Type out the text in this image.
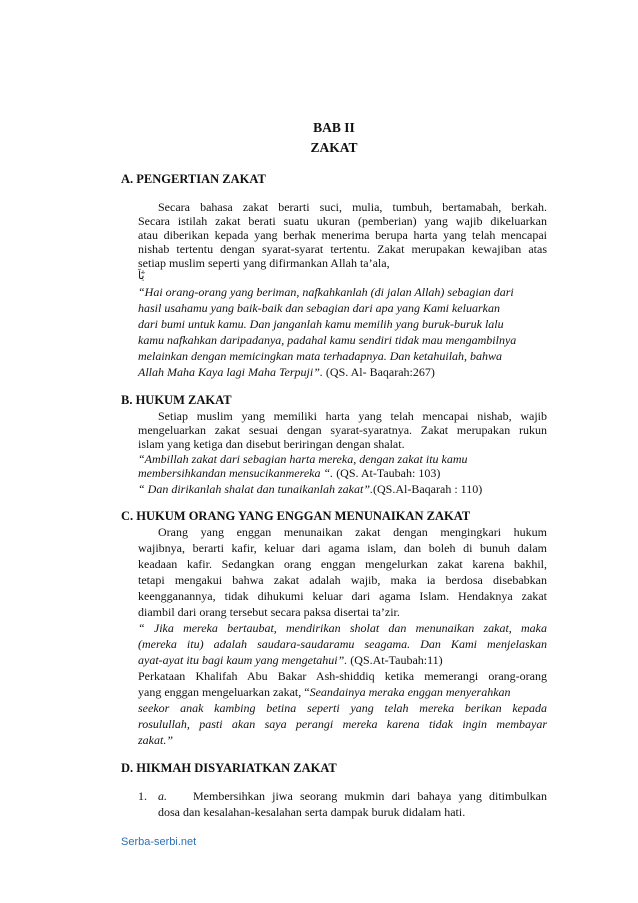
BAB II
ZAKAT
A. PENGERTIAN ZAKAT
Secara bahasa zakat berarti suci, mulia, tumbuh, bertamabah, berkah.
Secara istilah zakat berati suatu ukuran (pemberian) yang wajib dikeluarkan
atau diberikan kepada yang berhak menerima berupa harta yang telah mencapai
nishab tertentu dengan syarat-syarat tertentu. Zakat merupakan kewajiban atas
setiap muslim seperti yang difirmankan Allah ta’ala,
يٰٓاَ
“Hai orang-orang yang beriman, nafkahkanlah (di jalan Allah) sebagian dari
hasil usahamu yang baik-baik dan sebagian dari apa yang Kami keluarkan
dari bumi untuk kamu. Dan janganlah kamu memilih yang buruk-buruk lalu
kamu nafkahkan daripadanya, padahal kamu sendiri tidak mau mengambilnya
melainkan dengan memicingkan mata terhadapnya. Dan ketahuilah, bahwa
Allah Maha Kaya lagi Maha Terpuji”. (QS. Al- Baqarah:267)
B. HUKUM ZAKAT
Setiap muslim yang memiliki harta yang telah mencapai nishab, wajib
mengeluarkan zakat sesuai dengan syarat-syaratnya. Zakat merupakan rukun
islam yang ketiga dan disebut beriringan dengan shalat.
“Ambillah zakat dari sebagian harta mereka, dengan zakat itu kamu
membersihkandan mensucikanmereka “. (QS. At-Taubah: 103)
“ Dan dirikanlah shalat dan tunaikanlah zakat”.(QS.Al-Baqarah : 110)
C. HUKUM ORANG YANG ENGGAN MENUNAIKAN ZAKAT
Orang yang enggan menunaikan zakat dengan mengingkari hukum
wajibnya, berarti kafir, keluar dari agama islam, dan boleh di bunuh dalam
keadaan kafir. Sedangkan orang enggan mengelurkan zakat karena bakhil,
tetapi mengakui bahwa zakat adalah wajib, maka ia berdosa disebabkan
keengganannya, tidak dihukumi keluar dari agama Islam. Hendaknya zakat
diambil dari orang tersebut secara paksa disertai ta’zir.
“ Jika mereka bertaubat, mendirikan sholat dan menunaikan zakat, maka
(mereka itu) adalah saudara-saudaramu seagama. Dan Kami menjelaskan
ayat-ayat itu bagi kaum yang mengetahui”. (QS.At-Taubah:11)
Perkataan Khalifah Abu Bakar Ash-shiddiq ketika memerangi orang-orang
yang enggan mengeluarkan zakat, “Seandainya meraka enggan menyerahkan
seekor anak kambing betina seperti yang telah mereka berikan kepada
rosulullah, pasti akan saya perangi mereka karena tidak ingin membayar
zakat.”
D. HIKMAH DISYARIATKAN ZAKAT
1. a.	Membersihkan jiwa seorang mukmin dari bahaya yang ditimbulkan
dosa dan kesalahan-kesalahan serta dampak buruk didalam hati.
Serba-serbi.net
